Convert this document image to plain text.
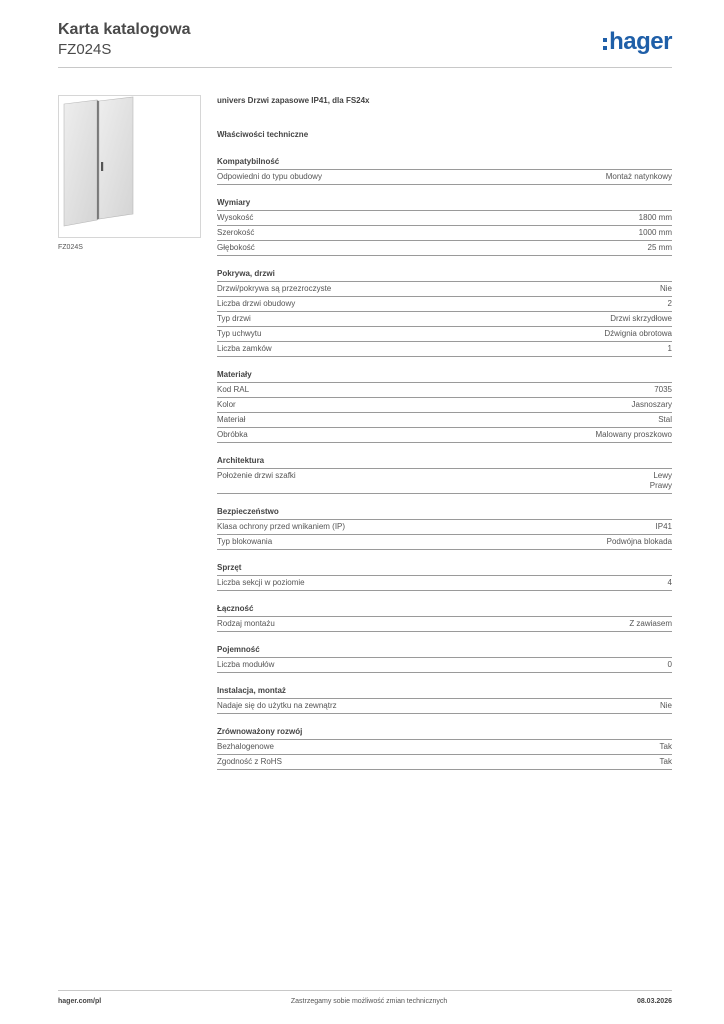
Karta katalogowa
FZ024S	hager
FZ024S
univers Drzwi zapasowe IP41, dla FS24x
Właściwości techniczne
Kompatybilność
Odpowiedni do typu obudowy	Montaż natynkowy
Wymiary
Wysokość	1800 mm
Szerokość	1000 mm
Głębokość	25 mm
Pokrywa, drzwi
Drzwi/pokrywa są przezroczyste	Nie
Liczba drzwi obudowy	2
Typ drzwi	Drzwi skrzydłowe
Typ uchwytu	Dźwignia obrotowa
Liczba zamków	1
Materiały
Kod RAL	7035
Kolor	Jasnoszary
Materiał	Stal
Obróbka	Malowany proszkowo
Architektura
Położenie drzwi szafki	Lewy
Prawy
Bezpieczeństwo
Klasa ochrony przed wnikaniem (IP)	IP41
Typ blokowania	Podwójna blokada
Sprzęt
Liczba sekcji w poziomie	4
Łączność
Rodzaj montażu	Z zawiasem
Pojemność
Liczba modułów	0
Instalacja, montaż
Nadaje się do użytku na zewnątrz	Nie
Zrównoważony rozwój
Bezhalogenowe	Tak
Zgodność z RoHS	Tak
hager.com/pl	Zastrzegamy sobie możliwość zmian technicznych	08.03.2026
